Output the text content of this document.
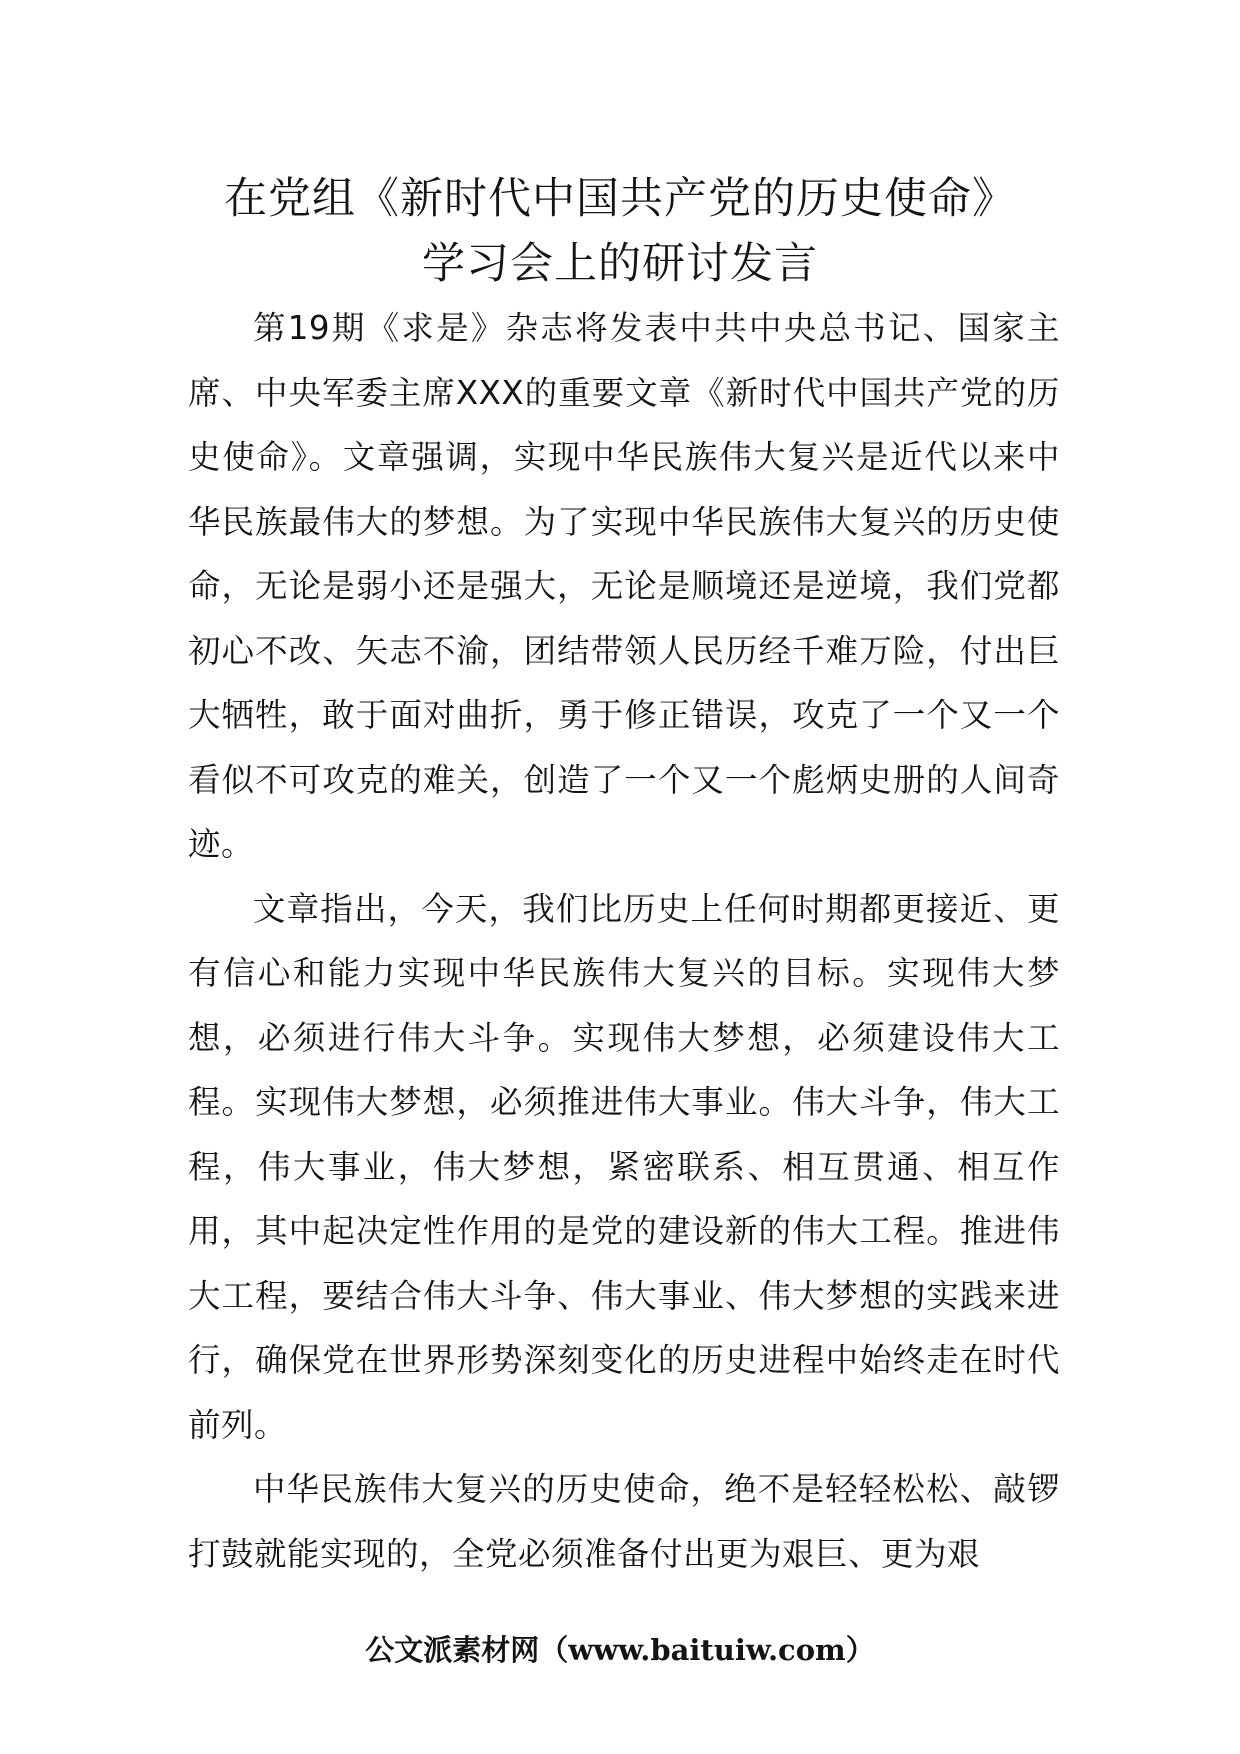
在党组《新时代中国共产党的历史使命》
学习会上的研讨发言

第19期《求是》杂志将发表中共中央总书记、国家主席、中央军委主席XXX的重要文章《新时代中国共产党的历史使命》。文章强调，实现中华民族伟大复兴是近代以来中华民族最伟大的梦想。为了实现中华民族伟大复兴的历史使命，无论是弱小还是强大，无论是顺境还是逆境，我们党都初心不改、矢志不渝，团结带领人民历经千难万险，付出巨大牺牲，敢于面对曲折，勇于修正错误，攻克了一个又一个看似不可攻克的难关，创造了一个又一个彪炳史册的人间奇迹。

文章指出，今天，我们比历史上任何时期都更接近、更有信心和能力实现中华民族伟大复兴的目标。实现伟大梦想，必须进行伟大斗争。实现伟大梦想，必须建设伟大工程。实现伟大梦想，必须推进伟大事业。伟大斗争，伟大工程，伟大事业，伟大梦想，紧密联系、相互贯通、相互作用，其中起决定性作用的是党的建设新的伟大工程。推进伟大工程，要结合伟大斗争、伟大事业、伟大梦想的实践来进行，确保党在世界形势深刻变化的历史进程中始终走在时代前列。

中华民族伟大复兴的历史使命，绝不是轻轻松松、敲锣打鼓就能实现的，全党必须准备付出更为艰巨、更为艰

公文派素材网（www.baituiw.com）
